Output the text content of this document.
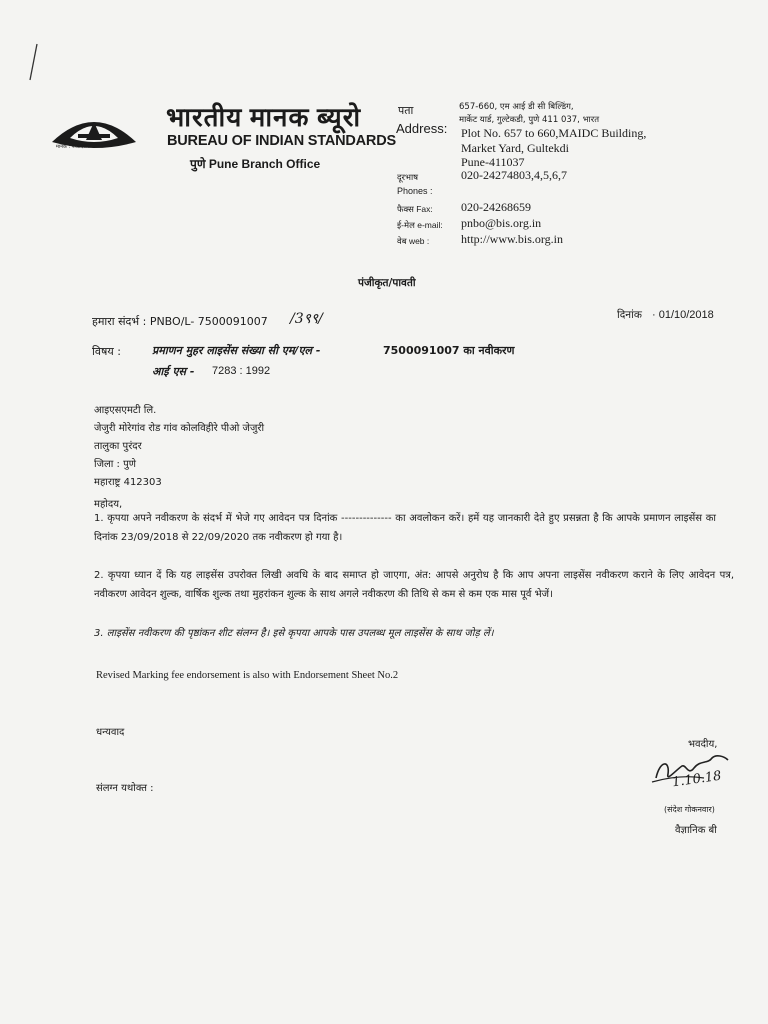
मानक : पथप्रदर्शक :
भारतीय मानक ब्यूरो
BUREAU OF INDIAN STANDARDS
पुणे Pune Branch Office
पता
Address:
657-660, एम आई डी सी बिल्डिंग,
मार्केट यार्ड, गुल्टेकडी, पुणे 411 037, भारत
Plot No. 657 to 660,MAIDC Building,
Market Yard, Gultekdi
Pune-411037
दूरभाष	020-24274803,4,5,6,7
Phones :
फैक्स Fax: 020-24268659
ई-मेल e-mail: pnbo@bis.org.in
वेब web :	http://www.bis.org.in
पंजीकृत/पावती
हमारा संदर्भ : PNBO/L- 7500091007 /3९९/	दिनांक · 01/10/2018
विषय :	प्रमाणन मुहर लाइसेंस संख्या सी एम/एल -	7500091007 का नवीकरण
आई एस - 7283 : 1992
आइएसएमटी लि.
जेजुरी मोरेगांव रोड गांव कोलविहीरे पीओ जेजुरी
तालुका पुरंदर
जिला : पुणे
महाराष्ट्र 412303
महोदय,
1. कृपया अपने नवीकरण के संदर्भ में भेजे गए आवेदन पत्र दिनांक -------------- का अवलोकन करें। हमें यह जानकारी देते हुए प्रसन्नता है कि आपके प्रमाणन लाइसेंस का दिनांक 23/09/2018 से 22/09/2020 तक नवीकरण हो गया है।
2. कृपया ध्यान दें कि यह लाइसेंस उपरोक्त लिखी अवधि के बाद समाप्त हो जाएगा, अंत: आपसे अनुरोध है कि आप अपना लाइसेंस नवीकरण कराने के लिए आवेदन पत्र, नवीकरण आवेदन शुल्क, वार्षिक शुल्क तथा मुहरांकन शुल्क के साथ अगले नवीकरण की तिथि से कम से कम एक मास पूर्व भेजें।
3. लाइसेंस नवीकरण की पृष्ठांकन शीट संलग्न है। इसे कृपया आपके पास उपलब्ध मूल लाइसेंस के साथ जोड़ लें।
Revised Marking fee endorsement is also with Endorsement Sheet No.2
धन्यवाद
संलग्न यथोक्त :
भवदीय,
1.10.18
(संदेश गोकनवार)
वैज्ञानिक बी
